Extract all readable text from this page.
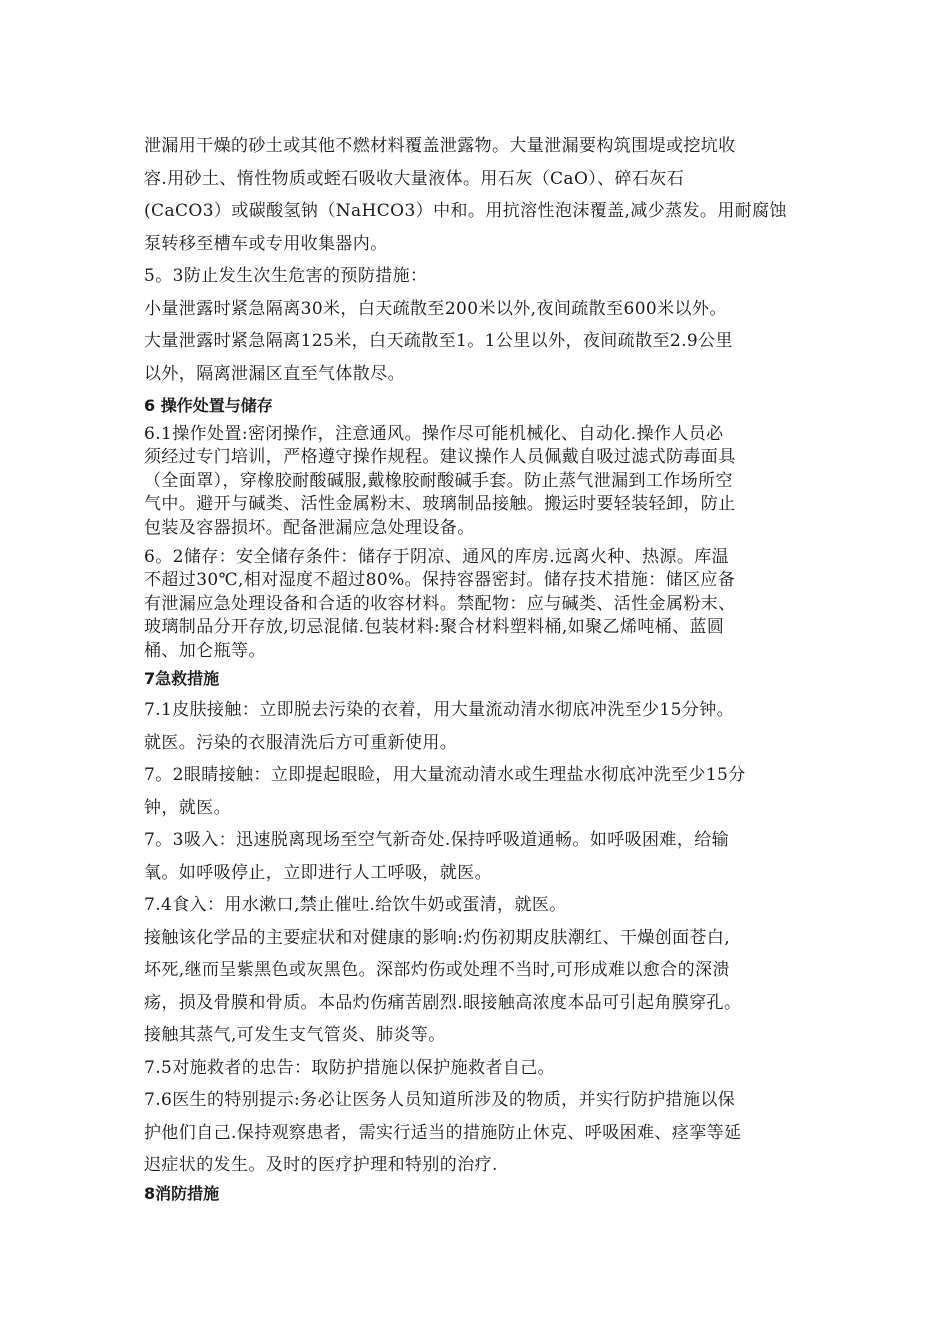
泄漏用干燥的砂土或其他不燃材料覆盖泄露物。大量泄漏要构筑围堤或挖坑收
容.用砂土、惰性物质或蛭石吸收大量液体。用石灰（CaO）、碎石灰石
(CaCO3）或碳酸氢钠（NaHCO3）中和。用抗溶性泡沫覆盖,减少蒸发。用耐腐蚀
泵转移至槽车或专用收集器内。
5。3防止发生次生危害的预防措施：
小量泄露时紧急隔离30米，白天疏散至200米以外,夜间疏散至600米以外。
大量泄露时紧急隔离125米，白天疏散至1。1公里以外，夜间疏散至2.9公里
以外，隔离泄漏区直至气体散尽。
6 操作处置与储存
6.1操作处置:密闭操作，注意通风。操作尽可能机械化、自动化.操作人员必
须经过专门培训，严格遵守操作规程。建议操作人员佩戴自吸过滤式防毒面具
（全面罩），穿橡胶耐酸碱服,戴橡胶耐酸碱手套。防止蒸气泄漏到工作场所空
气中。避开与碱类、活性金属粉末、玻璃制品接触。搬运时要轻装轻卸，防止
包装及容器损坏。配备泄漏应急处理设备。
6。2储存：安全储存条件：储存于阴凉、通风的库房.远离火种、热源。库温
不超过30℃,相对湿度不超过80%。保持容器密封。储存技术措施：储区应备
有泄漏应急处理设备和合适的收容材料。禁配物：应与碱类、活性金属粉末、
玻璃制品分开存放,切忌混储.包装材料:聚合材料塑料桶,如聚乙烯吨桶、蓝圆
桶、加仑瓶等。
7急救措施
7.1皮肤接触：立即脱去污染的衣着，用大量流动清水彻底冲洗至少15分钟。
就医。污染的衣服清洗后方可重新使用。
7。2眼睛接触：立即提起眼睑，用大量流动清水或生理盐水彻底冲洗至少15分
钟，就医。
7。3吸入：迅速脱离现场至空气新奇处.保持呼吸道通畅。如呼吸困难，给输
氧。如呼吸停止，立即进行人工呼吸，就医。
7.4食入：用水漱口,禁止催吐.给饮牛奶或蛋清，就医。
接触该化学品的主要症状和对健康的影响:灼伤初期皮肤潮红、干燥创面苍白,
坏死,继而呈紫黑色或灰黑色。深部灼伤或处理不当时,可形成难以愈合的深溃
疡，损及骨膜和骨质。本品灼伤痛苦剧烈.眼接触高浓度本品可引起角膜穿孔。
接触其蒸气,可发生支气管炎、肺炎等。
7.5对施救者的忠告：取防护措施以保护施救者自己。
7.6医生的特别提示:务必让医务人员知道所涉及的物质，并实行防护措施以保
护他们自己.保持观察患者，需实行适当的措施防止休克、呼吸困难、痉挛等延
迟症状的发生。及时的医疗护理和特别的治疗.
8消防措施
